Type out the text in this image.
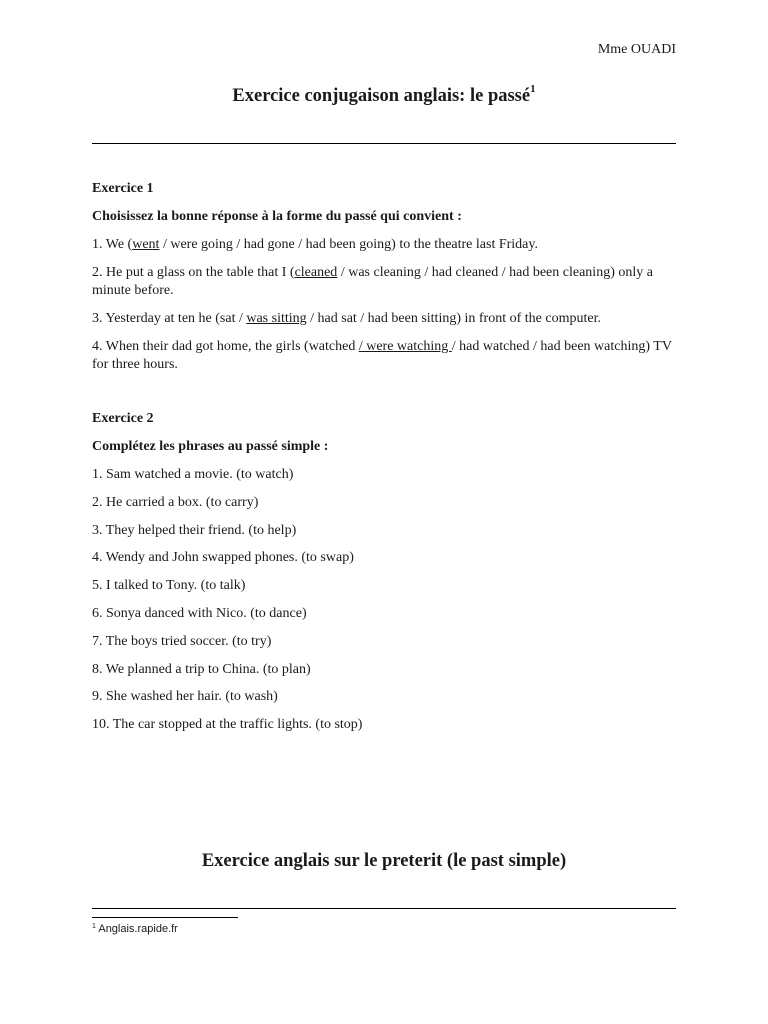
Mme OUADI
Exercice conjugaison anglais: le passé$^1$
Exercice 1
Choisissez la bonne réponse à la forme du passé qui convient :
1. We (went / were going / had gone / had been going) to the theatre last Friday.
2. He put a glass on the table that I (cleaned / was cleaning / had cleaned / had been cleaning) only a minute before.
3. Yesterday at ten he (sat / was sitting / had sat / had been sitting) in front of the computer.
4. When their dad got home, the girls (watched / were watching / had watched / had been watching) TV for three hours.
Exercice 2
Complétez les phrases au passé simple :
1. Sam watched a movie. (to watch)
2. He carried a box. (to carry)
3. They helped their friend. (to help)
4. Wendy and John swapped phones. (to swap)
5. I talked to Tony. (to talk)
6. Sonya danced with Nico. (to dance)
7. The boys tried soccer. (to try)
8. We planned a trip to China. (to plan)
9. She washed her hair. (to wash)
10. The car stopped at the traffic lights. (to stop)
Exercice anglais sur le preterit (le past simple)
$^1$ Anglais.rapide.fr
